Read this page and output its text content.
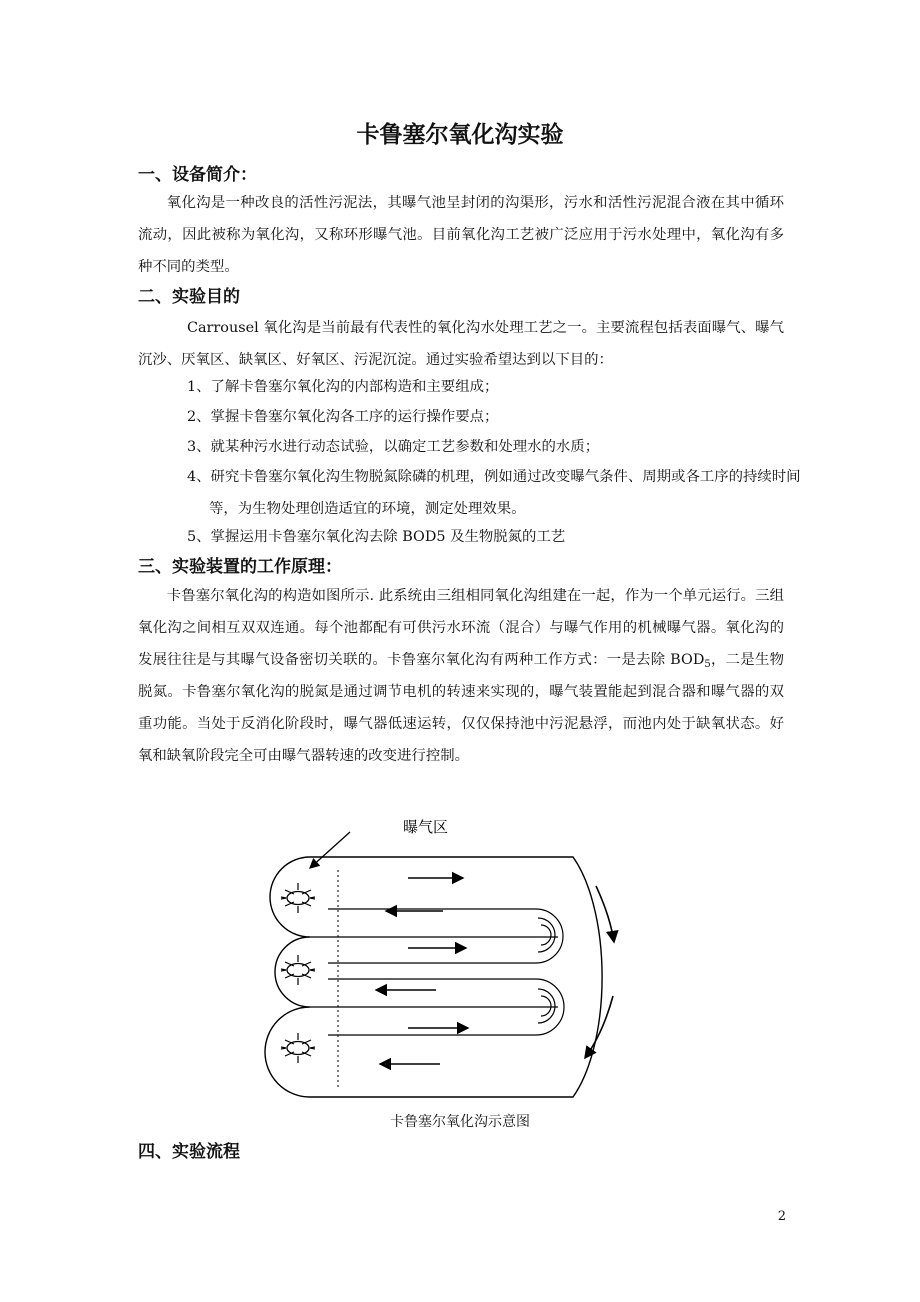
卡鲁塞尔氧化沟实验
一、设备简介：
氧化沟是一种改良的活性污泥法，其曝气池呈封闭的沟渠形，污水和活性污泥混合液在其中循环流动，因此被称为氧化沟，又称环形曝气池。目前氧化沟工艺被广泛应用于污水处理中，氧化沟有多种不同的类型。
二、实验目的
Carrousel 氧化沟是当前最有代表性的氧化沟水处理工艺之一。主要流程包括表面曝气、曝气沉沙、厌氧区、缺氧区、好氧区、污泥沉淀。通过实验希望达到以下目的：
1、了解卡鲁塞尔氧化沟的内部构造和主要组成；
2、掌握卡鲁塞尔氧化沟各工序的运行操作要点；
3、就某种污水进行动态试验，以确定工艺参数和处理水的水质；
4、研究卡鲁塞尔氧化沟生物脱氮除磷的机理，例如通过改变曝气条件、周期或各工序的持续时间等，为生物处理创造适宜的环境，测定处理效果。
5、掌握运用卡鲁塞尔氧化沟去除 BOD5 及生物脱氮的工艺
三、实验装置的工作原理：
卡鲁塞尔氧化沟的构造如图所示. 此系统由三组相同氧化沟组建在一起，作为一个单元运行。三组氧化沟之间相互双双连通。每个池都配有可供污水环流（混合）与曝气作用的机械曝气器。氧化沟的发展往往是与其曝气设备密切关联的。卡鲁塞尔氧化沟有两种工作方式：一是去除 $BOD_5$，二是生物脱氮。卡鲁塞尔氧化沟的脱氮是通过调节电机的转速来实现的，曝气装置能起到混合器和曝气器的双重功能。当处于反消化阶段时，曝气器低速运转，仅仅保持池中污泥悬浮，而池内处于缺氧状态。好氧和缺氧阶段完全可由曝气器转速的改变进行控制。
曝气区
卡鲁塞尔氧化沟示意图
四、实验流程
2
